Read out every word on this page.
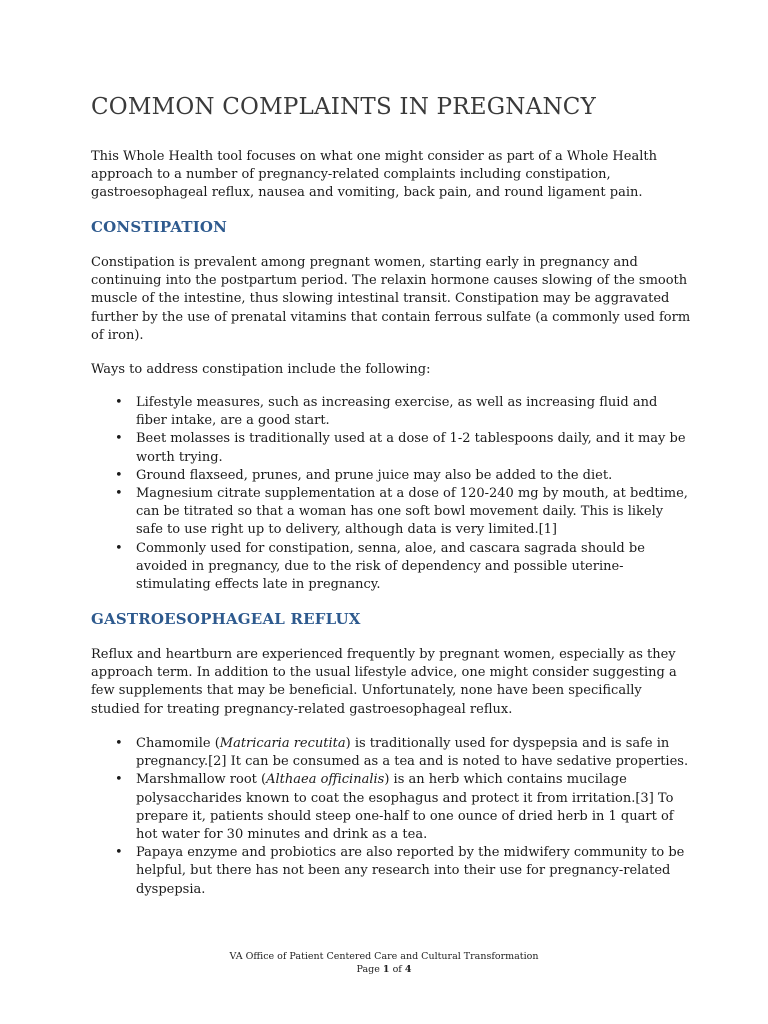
COMMON COMPLAINTS IN PREGNANCY

This Whole Health tool focuses on what one might consider as part of a Whole Health approach to a number of pregnancy-related complaints including constipation, gastroesophageal reflux, nausea and vomiting, back pain, and round ligament pain.

CONSTIPATION

Constipation is prevalent among pregnant women, starting early in pregnancy and continuing into the postpartum period. The relaxin hormone causes slowing of the smooth muscle of the intestine, thus slowing intestinal transit. Constipation may be aggravated further by the use of prenatal vitamins that contain ferrous sulfate (a commonly used form of iron).

Ways to address constipation include the following:

• Lifestyle measures, such as increasing exercise, as well as increasing fluid and fiber intake, are a good start.
• Beet molasses is traditionally used at a dose of 1-2 tablespoons daily, and it may be worth trying.
• Ground flaxseed, prunes, and prune juice may also be added to the diet.
• Magnesium citrate supplementation at a dose of 120-240 mg by mouth, at bedtime, can be titrated so that a woman has one soft bowl movement daily. This is likely safe to use right up to delivery, although data is very limited.[1]
• Commonly used for constipation, senna, aloe, and cascara sagrada should be avoided in pregnancy, due to the risk of dependency and possible uterine-stimulating effects late in pregnancy.
GASTROESOPHAGEAL REFLUX

Reflux and heartburn are experienced frequently by pregnant women, especially as they approach term. In addition to the usual lifestyle advice, one might consider suggesting a few supplements that may be beneficial. Unfortunately, none have been specifically studied for treating pregnancy-related gastroesophageal reflux.

• Chamomile (Matricaria recutita) is traditionally used for dyspepsia and is safe in pregnancy.[2] It can be consumed as a tea and is noted to have sedative properties.
• Marshmallow root (Althaea officinalis) is an herb which contains mucilage polysaccharides known to coat the esophagus and protect it from irritation.[3] To prepare it, patients should steep one-half to one ounce of dried herb in 1 quart of hot water for 30 minutes and drink as a tea.
• Papaya enzyme and probiotics are also reported by the midwifery community to be helpful, but there has not been any research into their use for pregnancy-related dyspepsia.

VA Office of Patient Centered Care and Cultural Transformation

Page 1 of 4
